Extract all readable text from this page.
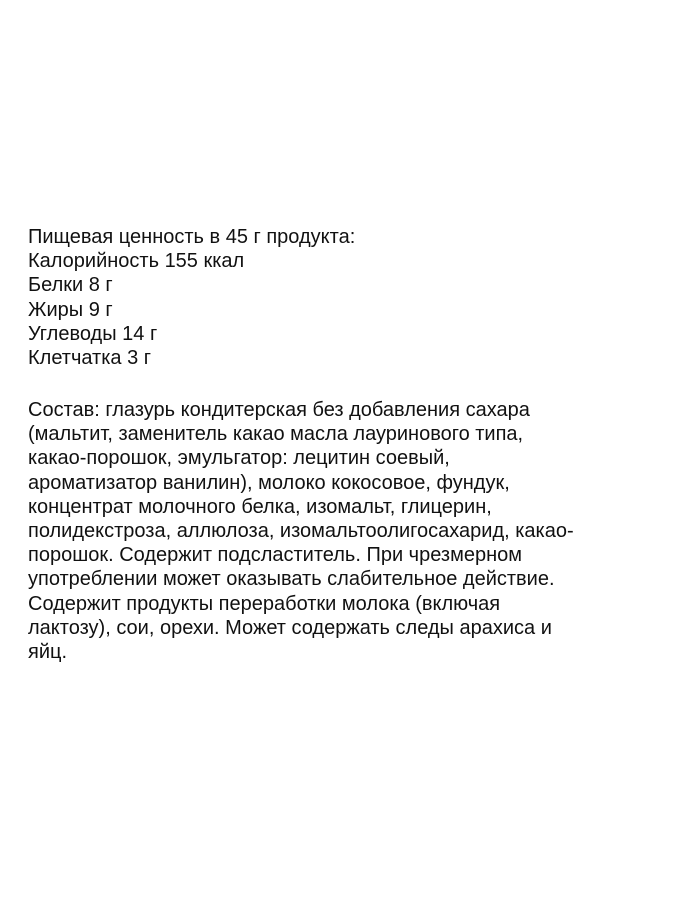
Пищевая ценность в 45 г продукта:
Калорийность 155 ккал
Белки 8 г
Жиры 9 г
Углеводы 14 г
Клетчатка 3 г
Состав: глазурь кондитерская без добавления сахара
(мальтит, заменитель какао масла лауринового типа,
какао-порошок, эмульгатор: лецитин соевый,
ароматизатор ванилин), молоко кокосовое, фундук,
концентрат молочного белка, изомальт, глицерин,
полидекстроза, аллюлоза, изомальтоолигосахарид, какао-
порошок. Содержит подсластитель. При чрезмерном
употреблении может оказывать слабительное действие.
Содержит продукты переработки молока (включая
лактозу), сои, орехи. Может содержать следы арахиса и
яйц.
